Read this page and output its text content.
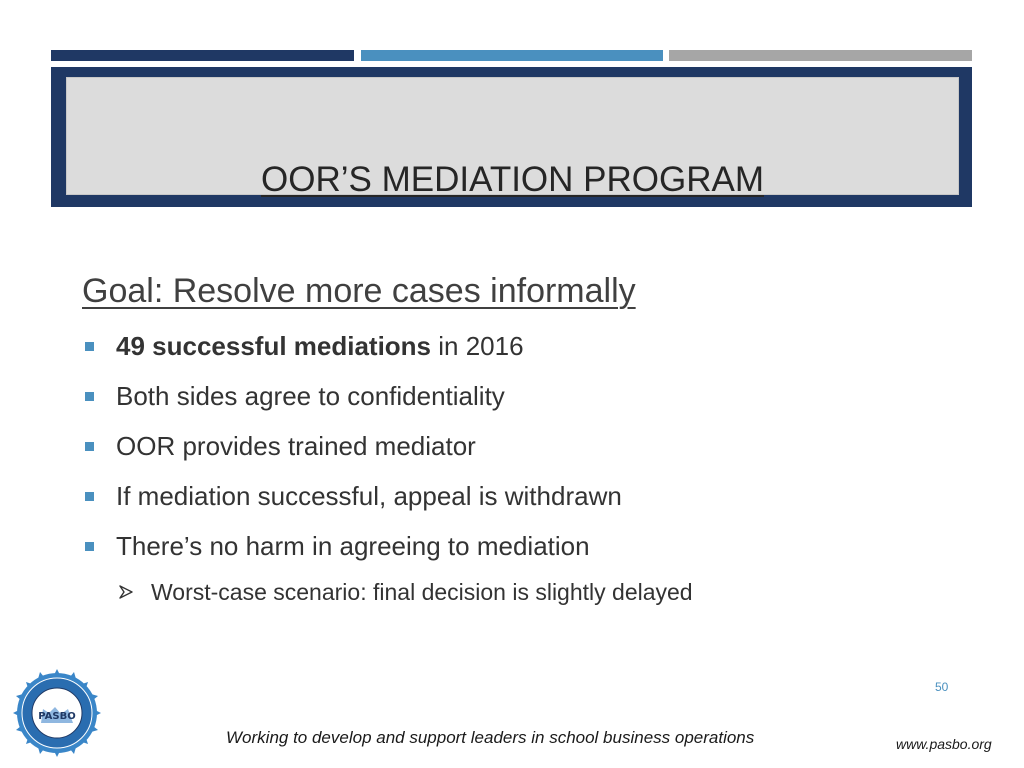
OOR’S MEDIATION PROGRAM
Goal: Resolve more cases informally
49 successful mediations in 2016
Both sides agree to confidentiality
OOR provides trained mediator
If mediation successful, appeal is withdrawn
There’s no harm in agreeing to mediation
Worst-case scenario: final decision is slightly delayed
50
PASBO
Working to develop and support leaders in school business operations	www.pasbo.org
